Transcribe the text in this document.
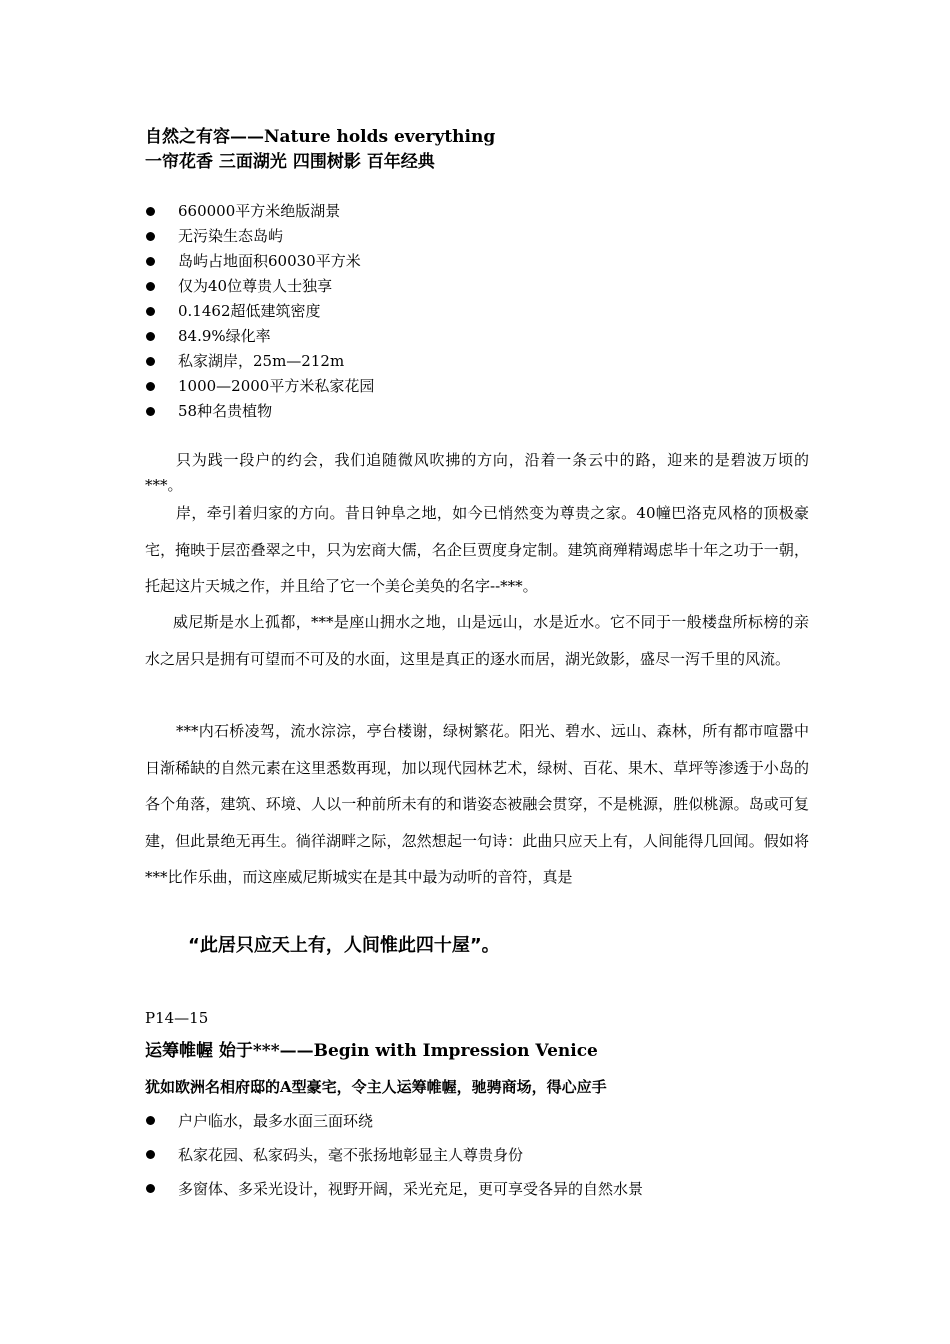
自然之有容——Nature holds everything
一帘花香 三面湖光 四围树影 百年经典
660000平方米绝版湖景
无污染生态岛屿
岛屿占地面积60030平方米
仅为40位尊贵人士独享
0.1462超低建筑密度
84.9%绿化率
私家湖岸，25m—212m
1000—2000平方米私家花园
58种名贵植物

只为践一段户的约会，我们追随微风吹拂的方向，沿着一条云中的路，迎来的是碧波万顷的***。

岸，牵引着归家的方向。昔日钟阜之地，如今已悄然变为尊贵之家。40幢巴洛克风格的顶极豪宅，掩映于层峦叠翠之中，只为宏商大儒，名企巨贾度身定制。建筑商殚精竭虑毕十年之功于一朝，托起这片天城之作，并且给了它一个美仑美奂的名字--***。

威尼斯是水上孤都，***是座山拥水之地，山是远山，水是近水。它不同于一般楼盘所标榜的亲水之居只是拥有可望而不可及的水面，这里是真正的逐水而居，湖光敛影，盛尽一泻千里的风流。

***内石桥凌驾，流水淙淙，亭台楼谢，绿树繁花。阳光、碧水、远山、森林，所有都市喧嚣中日渐稀缺的自然元素在这里悉数再现，加以现代园林艺术，绿树、百花、果木、草坪等渗透于小岛的各个角落，建筑、环境、人以一种前所未有的和谐姿态被融会贯穿，不是桃源，胜似桃源。岛或可复建，但此景绝无再生。徜徉湖畔之际，忽然想起一句诗：此曲只应天上有，人间能得几回闻。假如将***比作乐曲，而这座威尼斯城实在是其中最为动听的音符，真是

“此居只应天上有，人间惟此四十屋”。
P14—15
运筹帷幄 始于***——Begin with Impression Venice
犹如欧洲名相府邸的A型豪宅，令主人运筹帷幄，驰骋商场，得心应手
户户临水，最多水面三面环绕
私家花园、私家码头，毫不张扬地彰显主人尊贵身份
多窗体、多采光设计，视野开阔，采光充足，更可享受各异的自然水景
